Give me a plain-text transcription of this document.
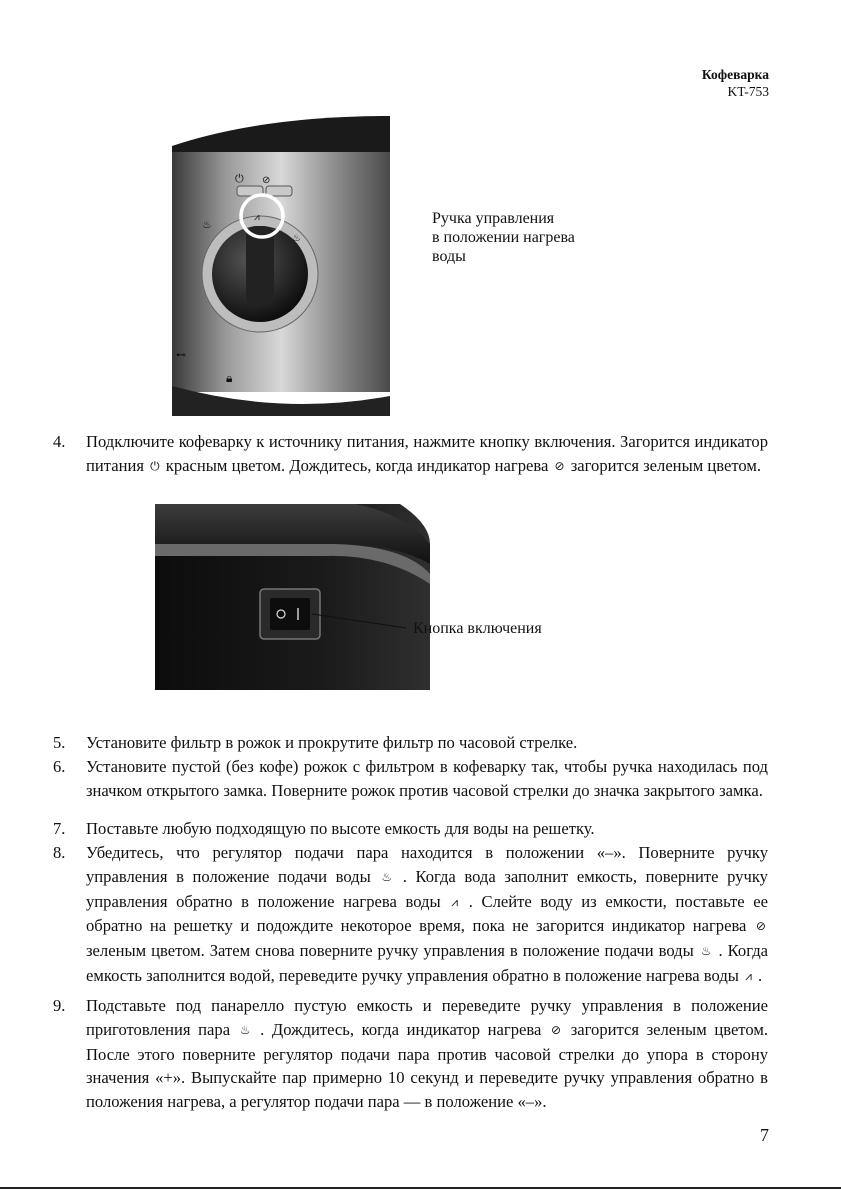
Кофеварка
KT-753
⏻ ⊘
⩘
♨
♨
🔒︎
⊷
Ручка управления
в положении нагрева
воды
4.	Подключите кофеварку к источнику питания, нажмите кнопку включения. Загорится индикатор питания ⏻ красным цветом. Дождитесь, когда индикатор нагрева ⊘ загорится зеленым цветом.
Кнопка включения
5.	Установите фильтр в рожок и прокрутите фильтр по часовой стрелке.
6.	Установите пустой (без кофе) рожок с фильтром в кофеварку так, чтобы ручка находилась под значком открытого замка. Поверните рожок против часовой стрелки до значка закрытого замка.
7.	Поставьте любую подходящую по высоте емкость для воды на решетку.
8.	Убедитесь, что регулятор подачи пара находится в положении «–». Поверните ручку управления в положение подачи воды ♨ . Когда вода заполнит емкость, поверните ручку управления обратно в положение нагрева воды ⩘ . Слейте воду из емкости, поставьте ее обратно на решетку и подождите некоторое время, пока не загорится индикатор нагрева ⊘ зеленым цветом. Затем снова поверните ручку управления в положение подачи воды ♨ . Когда емкость заполнится водой, переведите ручку управления обратно в положение нагрева воды ⩘ .
9.	Подставьте под панарелло пустую емкость и переведите ручку управления в положение приготовления пара ♨ . Дождитесь, когда индикатор нагрева ⊘ загорится зеленым цветом. После этого поверните регулятор подачи пара против часовой стрелки до упора в сторону значения «+». Выпускайте пар примерно 10 секунд и переведите ручку управления обратно в положения нагрева, а регулятор подачи пара — в положение «–».
7
